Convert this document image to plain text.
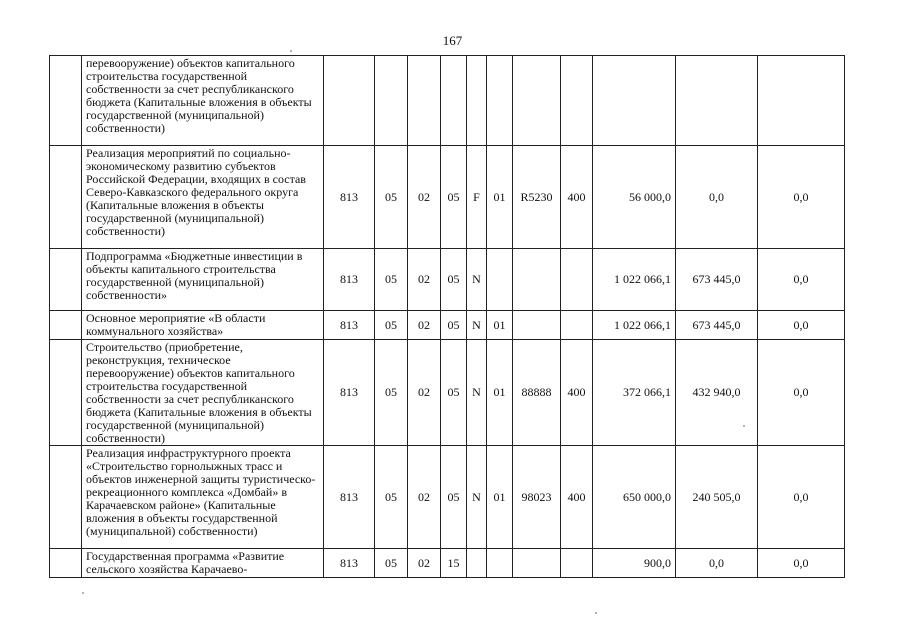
167
	перевооружение) объектов капитального строительства государственной собственности за счет республиканского бюджета (Капитальные вложения в объекты государственной (муниципальной) собственности)											
	Реализация мероприятий по социально-экономическому развитию субъектов Российской Федерации, входящих в состав Северо-Кавказского федерального округа (Капитальные вложения в объекты государственной (муниципальной) собственности)	813	05	02	05	F	01	R5230	400	56 000,0	0,0	0,0
	Подпрограмма «Бюджетные инвестиции в объекты капитального строительства государственной (муниципальной) собственности»	813	05	02	05	N				1 022 066,1	673 445,0	0,0
	Основное мероприятие «В области коммунального хозяйства»	813	05	02	05	N	01			1 022 066,1	673 445,0	0,0
	Строительство (приобретение, реконструкция, техническое перевооружение) объектов капитального строительства государственной собственности за счет республиканского бюджета (Капитальные вложения в объекты государственной (муниципальной) собственности)	813	05	02	05	N	01	88888	400	372 066,1	432 940,0	0,0
	Реализация инфраструктурного проекта «Строительство горнолыжных трасс и объектов инженерной защиты туристическо-рекреационного комплекса «Домбай» в Карачаевском районе» (Капитальные вложения в объекты государственной (муниципальной) собственности)	813	05	02	05	N	01	98023	400	650 000,0	240 505,0	0,0
	Государственная программа «Развитие сельского хозяйства Карачаево-	813	05	02	15					900,0	0,0	0,0
